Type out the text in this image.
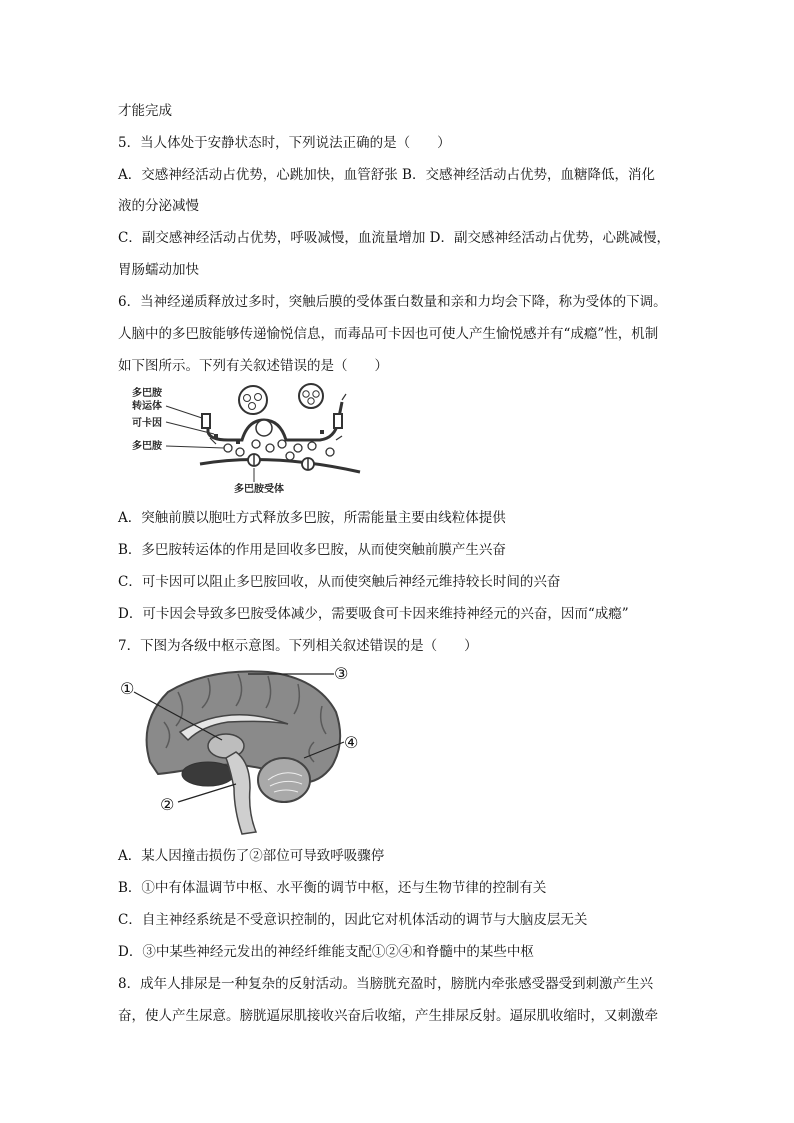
才能完成
5．当人体处于安静状态时，下列说法正确的是（　　）
A．交感神经活动占优势，心跳加快，血管舒张 B．交感神经活动占优势，血糖降低，消化
液的分泌减慢
C．副交感神经活动占优势，呼吸减慢，血流量增加 D．副交感神经活动占优势，心跳减慢，
胃肠蠕动加快
6．当神经递质释放过多时，突触后膜的受体蛋白数量和亲和力均会下降，称为受体的下调。
人脑中的多巴胺能够传递愉悦信息，而毒品可卡因也可使人产生愉悦感并有“成瘾”性，机制
如下图所示。下列有关叙述错误的是（　　）
多巴胺
转运体
可卡因
多巴胺
多巴胺受体
A．突触前膜以胞吐方式释放多巴胺，所需能量主要由线粒体提供
B．多巴胺转运体的作用是回收多巴胺，从而使突触前膜产生兴奋
C．可卡因可以阻止多巴胺回收，从而使突触后神经元维持较长时间的兴奋
D．可卡因会导致多巴胺受体减少，需要吸食可卡因来维持神经元的兴奋，因而“成瘾”
7．下图为各级中枢示意图。下列相关叙述错误的是（　　）
①
②
③
④
A．某人因撞击损伤了②部位可导致呼吸骤停
B．①中有体温调节中枢、水平衡的调节中枢，还与生物节律的控制有关
C．自主神经系统是不受意识控制的，因此它对机体活动的调节与大脑皮层无关
D．③中某些神经元发出的神经纤维能支配①②④和脊髓中的某些中枢
8．成年人排尿是一种复杂的反射活动。当膀胱充盈时，膀胱内牵张感受器受到刺激产生兴
奋，使人产生尿意。膀胱逼尿肌接收兴奋后收缩，产生排尿反射。逼尿肌收缩时，又刺激牵
